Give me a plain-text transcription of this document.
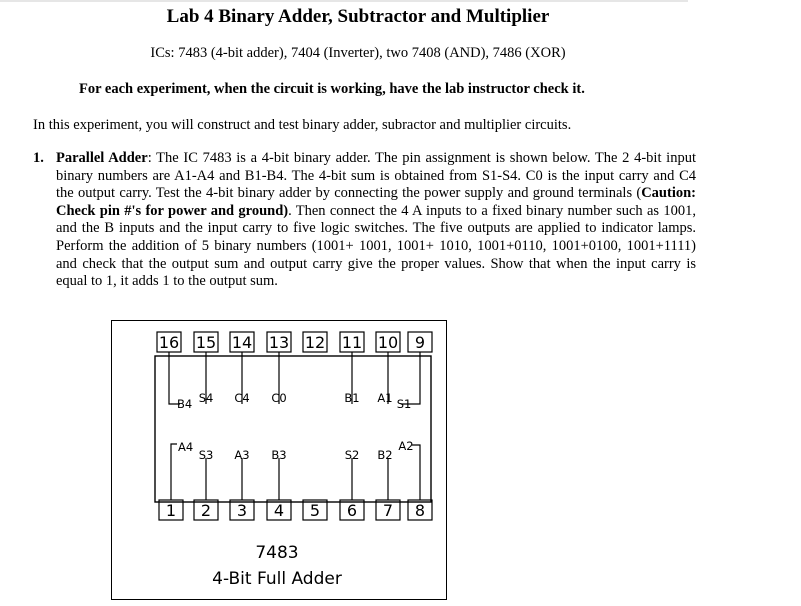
Lab 4 Binary Adder, Subtractor and Multiplier
ICs: 7483 (4-bit adder), 7404 (Inverter), two 7408 (AND), 7486 (XOR)
For each experiment, when the circuit is working, have the lab instructor check it.
In this experiment, you will construct and test binary adder, subractor and multiplier circuits.
1. Parallel Adder: The IC 7483 is a 4-bit binary adder. The pin assignment is shown below. The 2 4-bit input binary numbers are A1-A4 and B1-B4. The 4-bit sum is obtained from S1-S4. C0 is the input carry and C4 the output carry. Test the 4-bit binary adder by connecting the power supply and ground terminals (Caution: Check pin #'s for power and ground). Then connect the 4 A inputs to a fixed binary number such as 1001, and the B inputs and the input carry to five logic switches. The five outputs are applied to indicator lamps. Perform the addition of 5 binary numbers (1001+ 1001, 1001+ 1010, 1001+0110, 1001+0100, 1001+1111) and check that the output sum and output carry give the proper values. Show that when the input carry is equal to 1, it adds 1 to the output sum.
16 15 14 13 12 11 10 9
1 2 3 4 5 6 7 8
B4 S4 C4 C0	B1 A1 S1
A4
S3 A3 B3	S2 B2
A2
7483
4-Bit Full Adder
